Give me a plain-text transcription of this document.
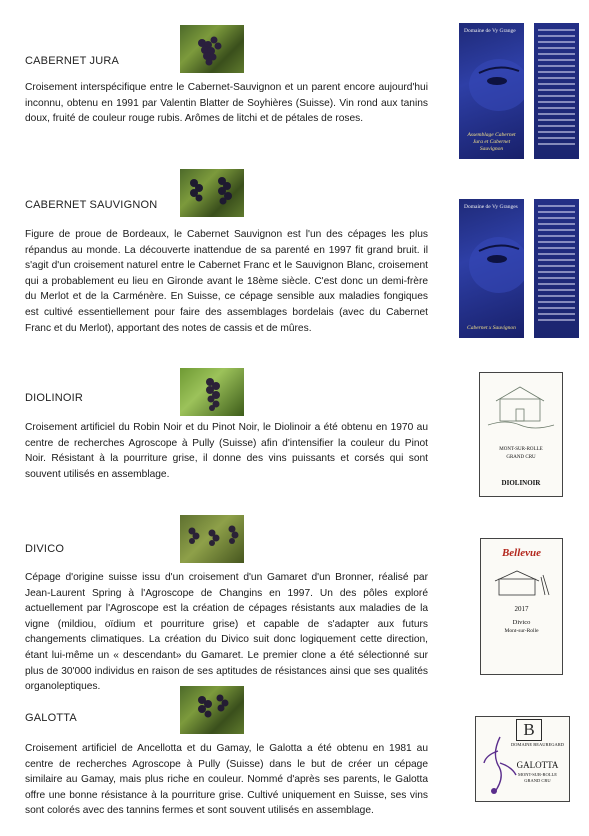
CABERNET JURA
Croisement interspécifique entre le Cabernet-Sauvignon et un parent encore aujourd'hui inconnu, obtenu en 1991 par Valentin Blatter de Soyhières (Suisse). Vin rond aux tanins doux, fruité de couleur rouge rubis. Arômes de litchi et de pétales de roses.
Domaine de Vy Grange
Assemblage Cabernet Jura et Cabernet Sauvignon
CABERNET SAUVIGNON
Figure de proue de Bordeaux, le Cabernet Sauvignon est l'un des cépages les plus répandus au monde. La découverte inattendue de sa parenté en 1997 fit grand bruit. il s'agit d'un croisement naturel entre le Cabernet Franc et le Sauvignon Blanc, croisement qui a probablement eu lieu en Gironde avant le 18ème siècle. C'est donc un demi-frère du Merlot et de la Carménère. En Suisse, ce cépage sensible aux maladies fongiques est cultivé essentiellement pour faire des assemblages bordelais (avec du Cabernet Franc et du Merlot), apportant des notes de cassis et de mûres.
Domaine de Vy Granges
Cabernet x Sauvignon
DIOLINOIR
Croisement artificiel du Robin Noir et du Pinot Noir, le Diolinoir a été obtenu en 1970 au centre de recherches Agroscope à Pully (Suisse) afin d'intensifier la couleur du Pinot Noir. Résistant à la pourriture grise, il donne des vins puissants et corsés qui sont souvent utilisés en assemblage.
MONT-SUR-ROLLE
GRAND CRU
DIOLINOIR
DIVICO
Cépage d'origine suisse issu d'un croisement d'un Gamaret d'un Bronner, réalisé par Jean-Laurent Spring à l'Agroscope de Changins en 1997. Un des pôles exploré actuellement par l'Agroscope est la création de cépages résistants aux maladies de la vigne (mildiou, oïdium et pourriture grise) et capable de s'adapter aux futurs changements climatiques. La création du Divico suit donc logiquement cette direction, étant lui-même un « descendant» du Gamaret. Le premier clone a été sélectionné sur plus de 30'000 individus en raison de ses aptitudes de résistances ainsi que ses qualités organoleptiques.
Bellevue
2017
Divico
Mont-sur-Rolle
GALOTTA
Croisement artificiel de Ancellotta et du Gamay, le Galotta a été obtenu en 1981 au centre de recherches Agroscope à Pully (Suisse) dans le but de créer un cépage similaire au Gamay, mais plus riche en couleur. Nommé d'après ses parents, le Galotta offre une bonne résistance à la pourriture grise. Cultivé uniquement en Suisse, ses vins sont colorés avec des tannins fermes et sont souvent utilisés en assemblage.
B
DOMAINE BEAUREGARD
GALOTTA
MONT-SUR-ROLLE
GRAND CRU
